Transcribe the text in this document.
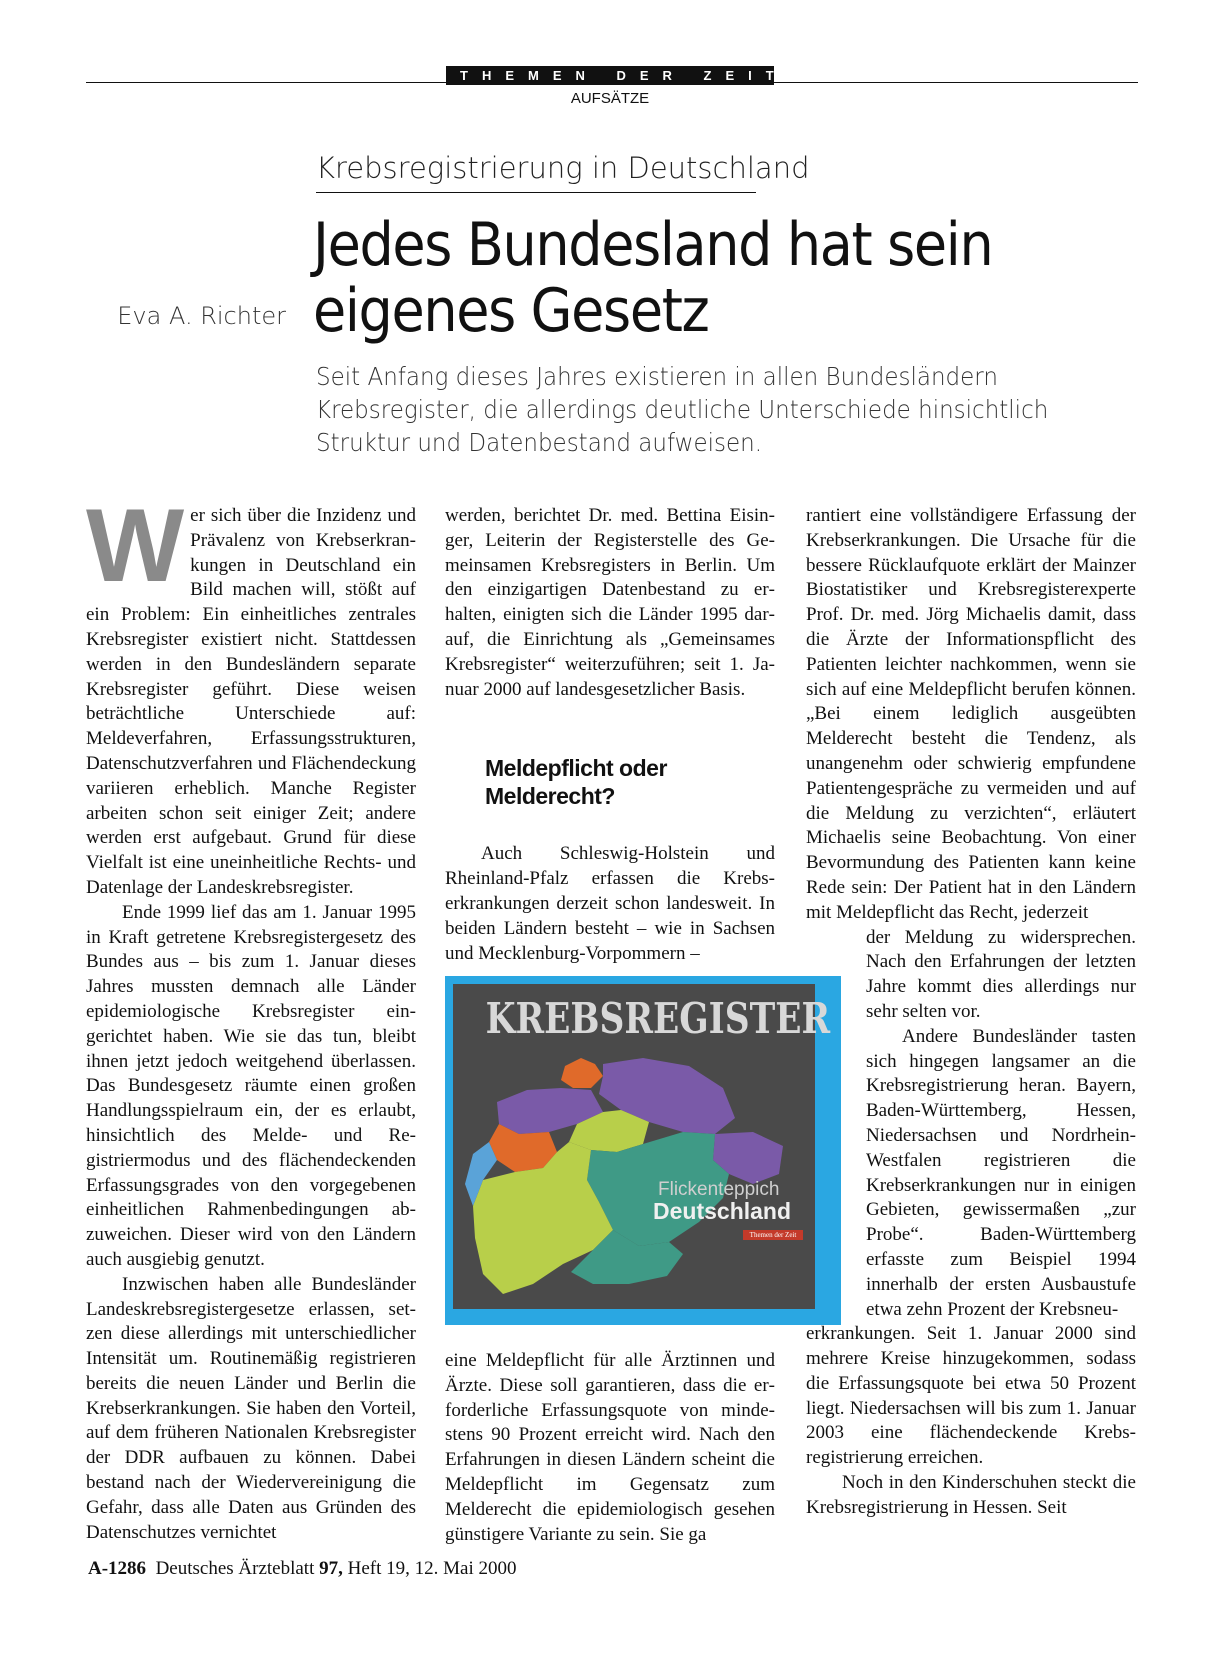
THEMEN DER ZEIT
AUFSÄTZE
Krebsregistrierung in Deutschland
Jedes Bundesland hat sein
eigenes Gesetz
Eva A. Richter
Seit Anfang dieses Jahres existieren in allen Bundesländern Krebsregister, die allerdings deutliche Unterschiede hinsichtlich Struktur und Datenbestand aufweisen.

Wer sich über die Inzidenz und Prävalenz von Krebserkrankungen in Deutschland ein Bild machen will, stößt auf ein Problem: Ein einheitliches zentrales Krebsregister existiert nicht. Stattdessen werden in den Bundesländern separate Krebsregister geführt. Diese weisen beträchtliche Unterschiede auf: Meldeverfahren, Erfassungsstrukturen, Datenschutzverfahren und Flächendeckung variieren erheblich. Manche Register arbeiten schon seit einiger Zeit; andere werden erst aufgebaut. Grund für diese Vielfalt ist eine uneinheitliche Rechts- und Datenlage der Landeskrebsregister.

Ende 1999 lief das am 1. Januar 1995 in Kraft getretene Krebsregistergesetz des Bundes aus – bis zum 1. Januar dieses Jahres mussten demnach alle Länder epidemiologische Krebsregister eingerichtet haben. Wie sie das tun, bleibt ihnen jetzt jedoch weitgehend überlassen. Das Bundesgesetz räumte einen großen Handlungsspielraum ein, der es erlaubt, hinsichtlich des Melde- und Registriermodus und des flächendeckenden Erfassungsgrades von den vorgegebenen einheitlichen Rahmenbedingungen abzuweichen. Dieser wird von den Ländern auch ausgiebig genutzt.

Inzwischen haben alle Bundesländer Landeskrebsregistergesetze erlassen, setzen diese allerdings mit unterschiedlicher Intensität um. Routinemäßig registrieren bereits die neuen Länder und Berlin die Krebserkrankungen. Sie haben den Vorteil, auf dem früheren Nationalen Krebsregister der DDR aufbauen zu können. Dabei bestand nach der Wiedervereinigung die Gefahr, dass alle Daten aus Gründen des Datenschutzes vernichtet

werden, berichtet Dr. med. Bettina Eisinger, Leiterin der Registerstelle des Gemeinsamen Krebsregisters in Berlin. Um den einzigartigen Datenbestand zu erhalten, einigten sich die Länder 1995 darauf, die Einrichtung als „Gemeinsames Krebsregister“ weiterzuführen; seit 1. Januar 2000 auf landesgesetzlicher Basis.

Meldepflicht oder
Melderecht?

Auch Schleswig-Holstein und Rheinland-Pfalz erfassen die Krebserkrankungen derzeit schon landesweit. In beiden Ländern besteht – wie in Sachsen und Mecklenburg-Vorpommern –

eine Meldepflicht für alle Ärztinnen und Ärzte. Diese soll garantieren, dass die erforderliche Erfassungsquote von mindestens 90 Prozent erreicht wird. Nach den Erfahrungen in diesen Ländern scheint die Meldepflicht im Gegensatz zum Melderecht die epidemiologisch gesehen günstigere Variante zu sein. Sie ga

KREBSREGISTER
Flickenteppich
Deutschland
Themen der Zeit

rantiert eine vollständigere Erfassung der Krebserkrankungen. Die Ursache für die bessere Rücklaufquote erklärt der Mainzer Biostatistiker und Krebsregisterexperte Prof. Dr. med. Jörg Michaelis damit, dass die Ärzte der Informationspflicht des Patienten leichter nachkommen, wenn sie sich auf eine Meldepflicht berufen können. „Bei einem lediglich ausgeübten Melderecht besteht die Tendenz, als unangenehm oder schwierig empfundene Patientengespräche zu vermeiden und auf die Meldung zu verzichten“, erläutert Michaelis seine Beobachtung. Von einer Bevormundung des Patienten kann keine Rede sein: Der Patient hat in den Ländern mit Meldepflicht das Recht, jederzeit

der Meldung zu widersprechen. Nach den Erfahrungen der letzten Jahre kommt dies allerdings nur sehr selten vor.

Andere Bundesländer tasten sich hingegen langsamer an die Krebsregistrierung heran. Bayern, Baden-Württemberg, Hessen, Niedersachsen und Nordrhein-Westfalen registrieren die Krebserkrankungen nur in einigen Gebieten, gewissermaßen „zur Probe“. Baden-Württemberg erfasste zum Beispiel 1994 innerhalb der ersten Ausbaustufe etwa zehn Prozent der Krebsneu-

erkrankungen. Seit 1. Januar 2000 sind mehrere Kreise hinzugekommen, sodass die Erfassungsquote bei etwa 50 Prozent liegt. Niedersachsen will bis zum 1. Januar 2003 eine flächendeckende Krebsregistrierung erreichen.

Noch in den Kinderschuhen steckt die Krebsregistrierung in Hessen. Seit

A-1286 Deutsches Ärzteblatt 97, Heft 19, 12. Mai 2000
